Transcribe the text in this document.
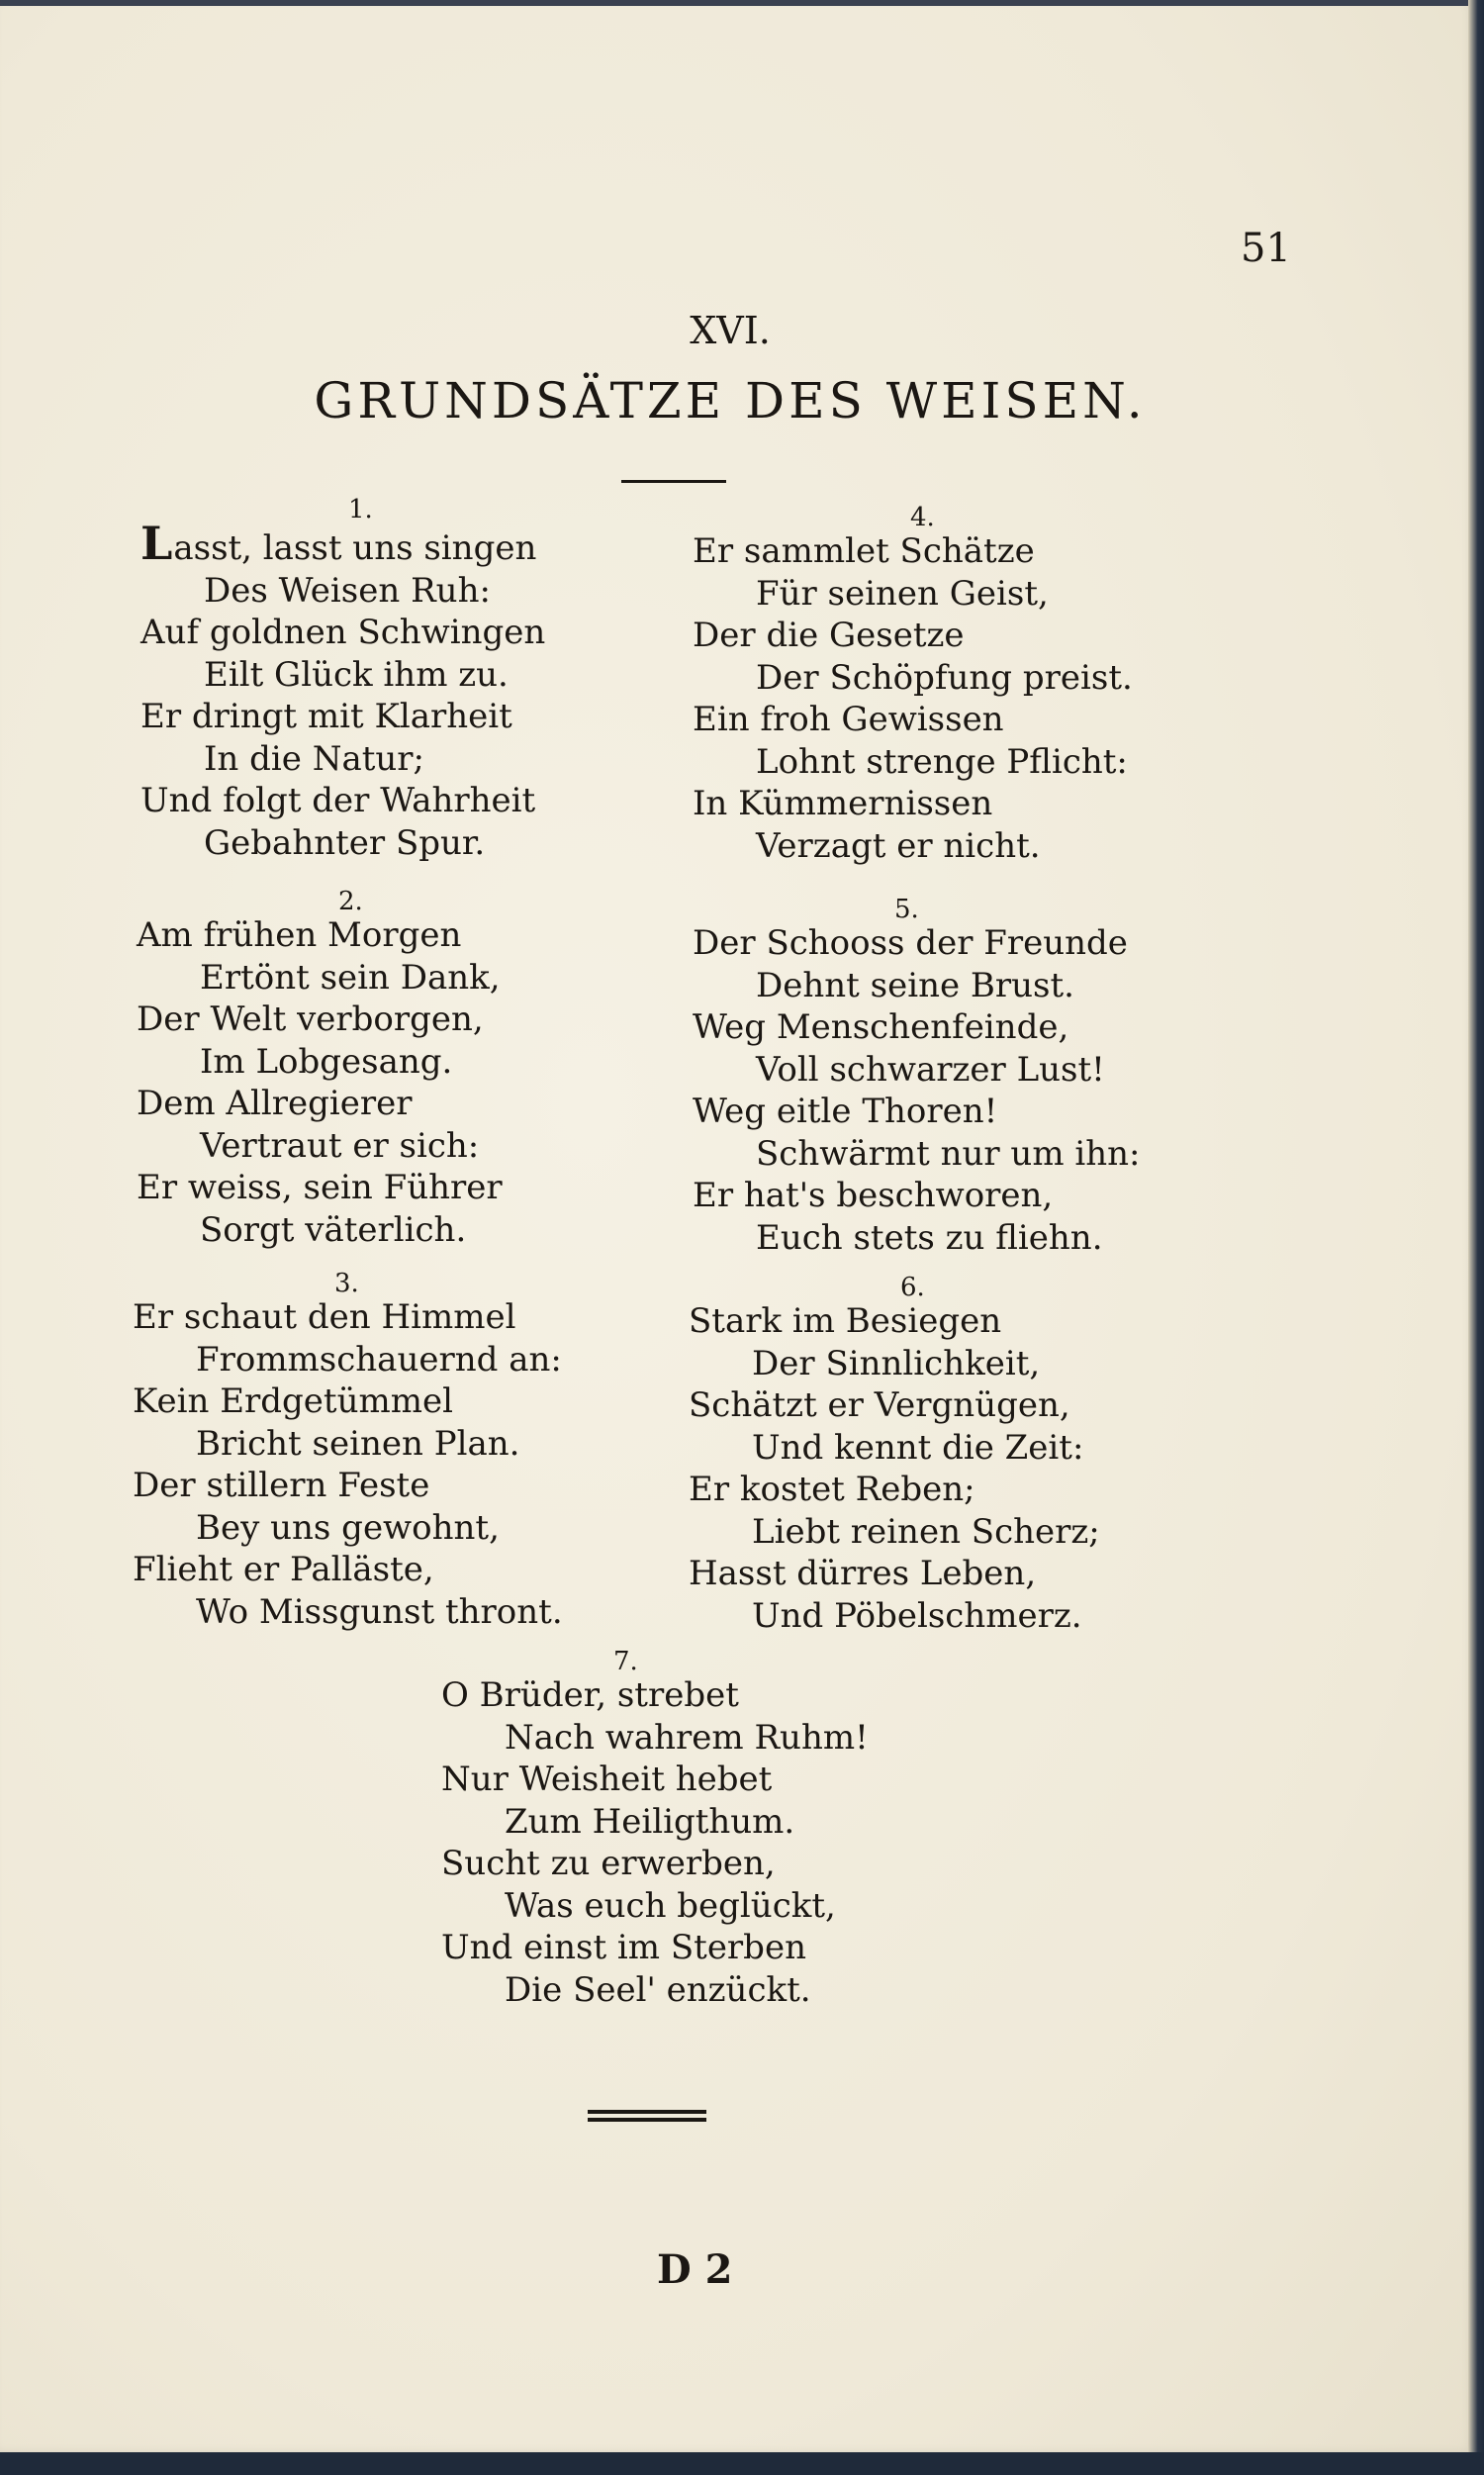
51
XVI.
GRUNDSÄTZE DES WEISEN.
1.
Lasst, lasst uns singen
Des Weisen Ruh:
Auf goldnen Schwingen
Eilt Glück ihm zu.
Er dringt mit Klarheit
In die Natur;
Und folgt der Wahrheit
Gebahnter Spur.
2.
Am frühen Morgen
Ertönt sein Dank,
Der Welt verborgen,
Im Lobgesang.
Dem Allregierer
Vertraut er sich:
Er weiss, sein Führer
Sorgt väterlich.
3.
Er schaut den Himmel
Frommschauernd an:
Kein Erdgetümmel
Bricht seinen Plan.
Der stillern Feste
Bey uns gewohnt,
Flieht er Palläste,
Wo Missgunst thront.
4.
Er sammlet Schätze
Für seinen Geist,
Der die Gesetze
Der Schöpfung preist.
Ein froh Gewissen
Lohnt strenge Pflicht:
In Kümmernissen
Verzagt er nicht.
5.
Der Schooss der Freunde
Dehnt seine Brust.
Weg Menschenfeinde,
Voll schwarzer Lust!
Weg eitle Thoren!
Schwärmt nur um ihn:
Er hat's beschworen,
Euch stets zu fliehn.
6.
Stark im Besiegen
Der Sinnlichkeit,
Schätzt er Vergnügen,
Und kennt die Zeit:
Er kostet Reben;
Liebt reinen Scherz;
Hasst dürres Leben,
Und Pöbelschmerz.
7.
O Brüder, strebet
Nach wahrem Ruhm!
Nur Weisheit hebet
Zum Heiligthum.
Sucht zu erwerben,
Was euch beglückt,
Und einst im Sterben
Die Seel' enzückt.
D 2
